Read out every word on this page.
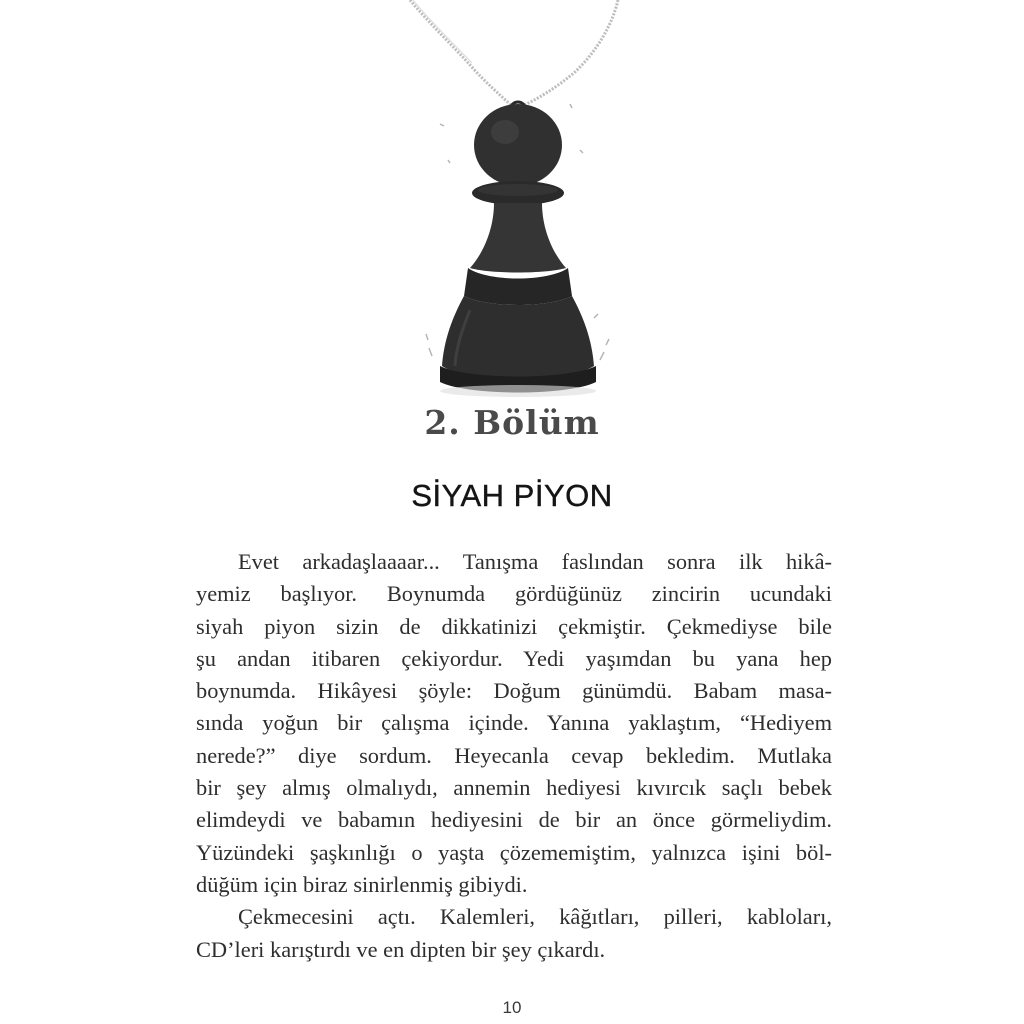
2. Bölüm
SİYAH PİYON

Evet arkadaşlaaaar... Tanışma faslından sonra ilk hikâ-
yemiz başlıyor. Boynumda gördüğünüz zincirin ucundaki
siyah piyon sizin de dikkatinizi çekmiştir. Çekmediyse bile
şu andan itibaren çekiyordur. Yedi yaşımdan bu yana hep
boynumda. Hikâyesi şöyle: Doğum günümdü. Babam masa-
sında yoğun bir çalışma içinde. Yanına yaklaştım, “Hediyem
nerede?” diye sordum. Heyecanla cevap bekledim. Mutlaka
bir şey almış olmalıydı, annemin hediyesi kıvırcık saçlı bebek
elimdeydi ve babamın hediyesini de bir an önce görmeliydim.
Yüzündeki şaşkınlığı o yaşta çözememiştim, yalnızca işini böl-
düğüm için biraz sinirlenmiş gibiydi.

Çekmecesini açtı. Kalemleri, kâğıtları, pilleri, kabloları,
CD’leri karıştırdı ve en dipten bir şey çıkardı.

10
